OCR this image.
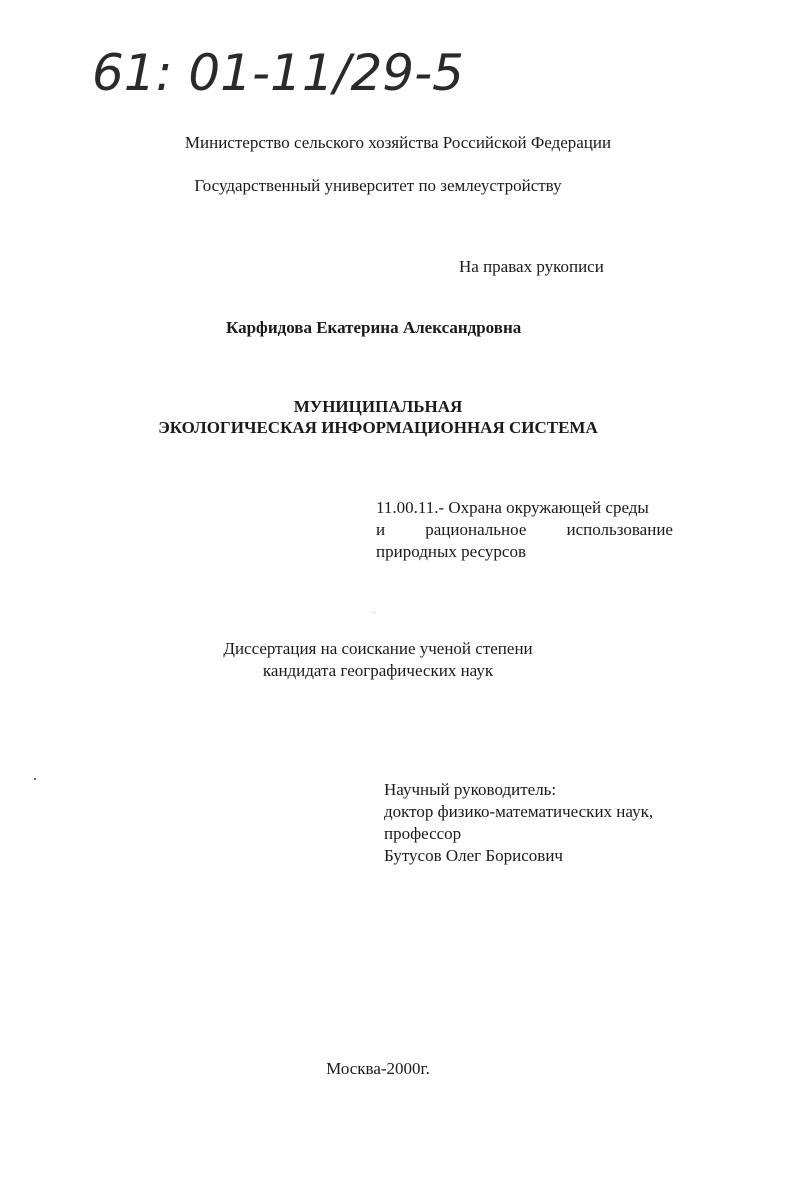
61: 01-11/29-5

Министерство сельского хозяйства Российской Федерации

Государственный университет по землеустройству

На правах рукописи

Карфидова Екатерина Александровна

МУНИЦИПАЛЬНАЯ
ЭКОЛОГИЧЕСКАЯ ИНФОРМАЦИОННАЯ СИСТЕМА
11.00.11.- Охрана окружающей среды
и рациональное использование
природных ресурсов
Диссертация на соискание ученой степени
кандидата географических наук
Научный руководитель:
доктор физико-математических наук,
профессор
Бутусов Олег Борисович

Москва-2000г.
